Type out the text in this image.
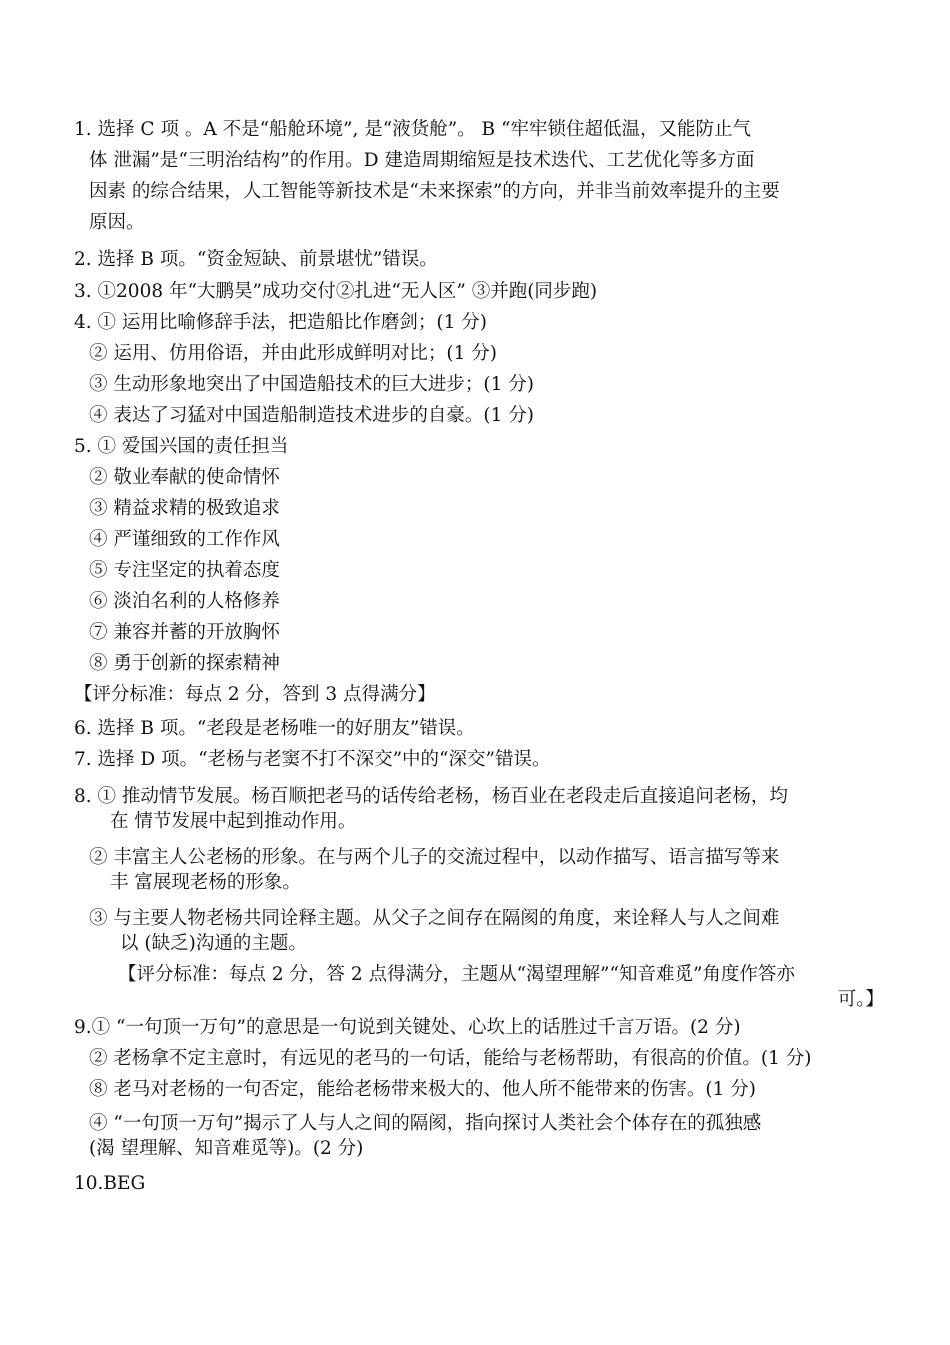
1. 选择 C 项 。A 不是“船舱环境”, 是“液货舱”。 B “牢牢锁住超低温，又能防止气
体 泄漏”是“三明治结构”的作用。D 建造周期缩短是技术迭代、工艺优化等多方面
因素 的综合结果，人工智能等新技术是“未来探索”的方向，并非当前效率提升的主要
原因。
2. 选择 B 项。“资金短缺、前景堪忧”错误。
3. ①2008 年“大鹏昊”成功交付②扎进“无人区” ③并跑(同步跑)
4. ① 运用比喻修辞手法，把造船比作磨剑；(1 分)
② 运用、仿用俗语，并由此形成鲜明对比；(1 分)
③ 生动形象地突出了中国造船技术的巨大进步；(1 分)
④ 表达了习猛对中国造船制造技术进步的自豪。(1 分)
5. ① 爱国兴国的责任担当
② 敬业奉献的使命情怀
③ 精益求精的极致追求
④ 严谨细致的工作作风
⑤ 专注坚定的执着态度
⑥ 淡泊名利的人格修养
⑦ 兼容并蓄的开放胸怀
⑧ 勇于创新的探索精神
【评分标准：每点 2 分，答到 3 点得满分】
6. 选择 B 项。“老段是老杨唯一的好朋友”错误。
7. 选择 D 项。“老杨与老窦不打不深交”中的“深交”错误。
8. ① 推动情节发展。杨百顺把老马的话传给老杨，杨百业在老段走后直接追问老杨，均
在 情节发展中起到推动作用。
② 丰富主人公老杨的形象。在与两个儿子的交流过程中，以动作描写、语言描写等来
丰 富展现老杨的形象。
③ 与主要人物老杨共同诠释主题。从父子之间存在隔阂的角度，来诠释人与人之间难
以 (缺乏)沟通的主题。
【评分标准：每点 2 分，答 2 点得满分，主题从“渴望理解”“知音难觅”角度作答亦
可。】
9.① “一句顶一万句”的意思是一句说到关键处、心坎上的话胜过千言万语。(2 分)
② 老杨拿不定主意时，有远见的老马的一句话，能给与老杨帮助，有很高的价值。(1 分)
⑧ 老马对老杨的一句否定，能给老杨带来极大的、他人所不能带来的伤害。(1 分)
④ “一句顶一万句”揭示了人与人之间的隔阂，指向探讨人类社会个体存在的孤独感
(渴 望理解、知音难觅等)。(2 分)
10.BEG
